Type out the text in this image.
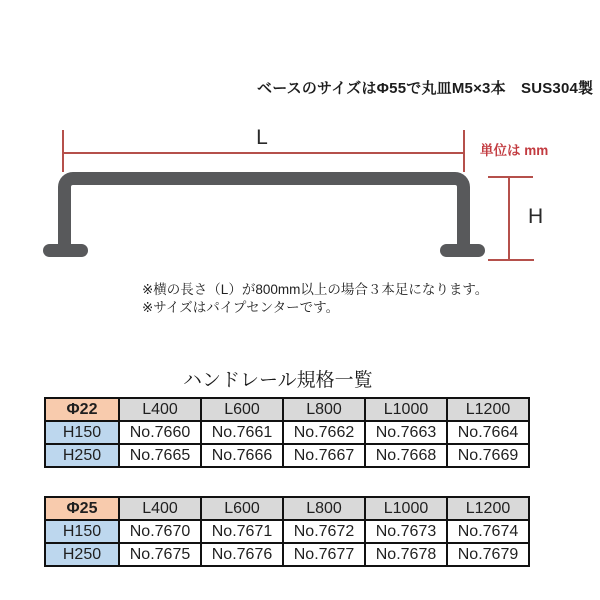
ベースのサイズはΦ55で丸皿M5×3本　SUS304製
L
単位は mm
H
※横の長さ（L）が800mm以上の場合３本足になります。
※サイズはパイプセンターです。
ハンドレール規格一覧
Φ22	L400	L600	L800	L1000	L1200
H150	No.7660	No.7661	No.7662	No.7663	No.7664
H250	No.7665	No.7666	No.7667	No.7668	No.7669
Φ25	L400	L600	L800	L1000	L1200
H150	No.7670	No.7671	No.7672	No.7673	No.7674
H250	No.7675	No.7676	No.7677	No.7678	No.7679
